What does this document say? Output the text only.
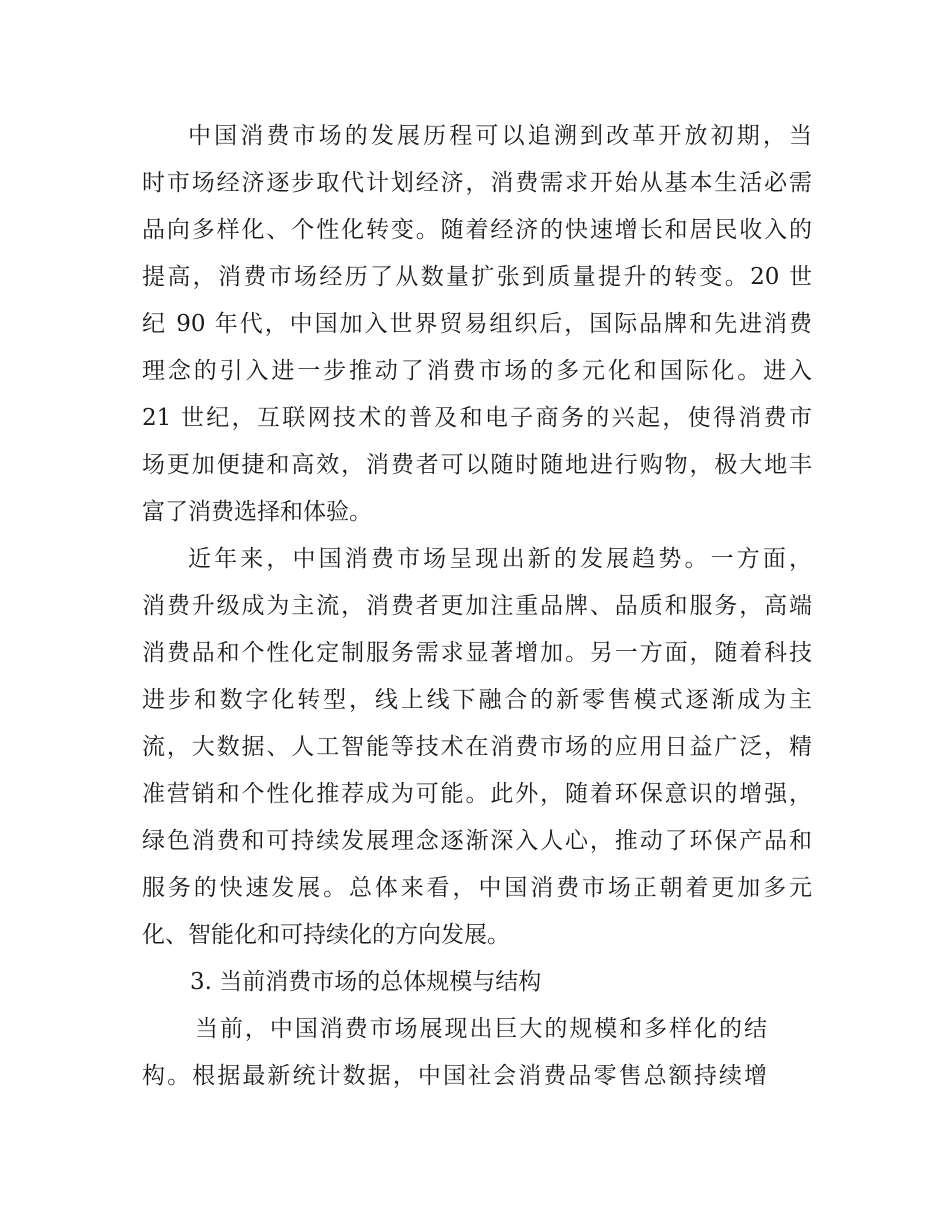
中国消费市场的发展历程可以追溯到改革开放初期，当
时市场经济逐步取代计划经济，消费需求开始从基本生活必需
品向多样化、个性化转变。随着经济的快速增长和居民收入的
提高，消费市场经历了从数量扩张到质量提升的转变。20 世
纪 90 年代，中国加入世界贸易组织后，国际品牌和先进消费
理念的引入进一步推动了消费市场的多元化和国际化。进入
21 世纪，互联网技术的普及和电子商务的兴起，使得消费市
场更加便捷和高效，消费者可以随时随地进行购物，极大地丰
富了消费选择和体验。
近年来，中国消费市场呈现出新的发展趋势。一方面，
消费升级成为主流，消费者更加注重品牌、品质和服务，高端
消费品和个性化定制服务需求显著增加。另一方面，随着科技
进步和数字化转型，线上线下融合的新零售模式逐渐成为主
流，大数据、人工智能等技术在消费市场的应用日益广泛，精
准营销和个性化推荐成为可能。此外，随着环保意识的增强，
绿色消费和可持续发展理念逐渐深入人心，推动了环保产品和
服务的快速发展。总体来看，中国消费市场正朝着更加多元
化、智能化和可持续化的方向发展。
3. 当前消费市场的总体规模与结构
当前，中国消费市场展现出巨大的规模和多样化的结
构。根据最新统计数据，中国社会消费品零售总额持续增
